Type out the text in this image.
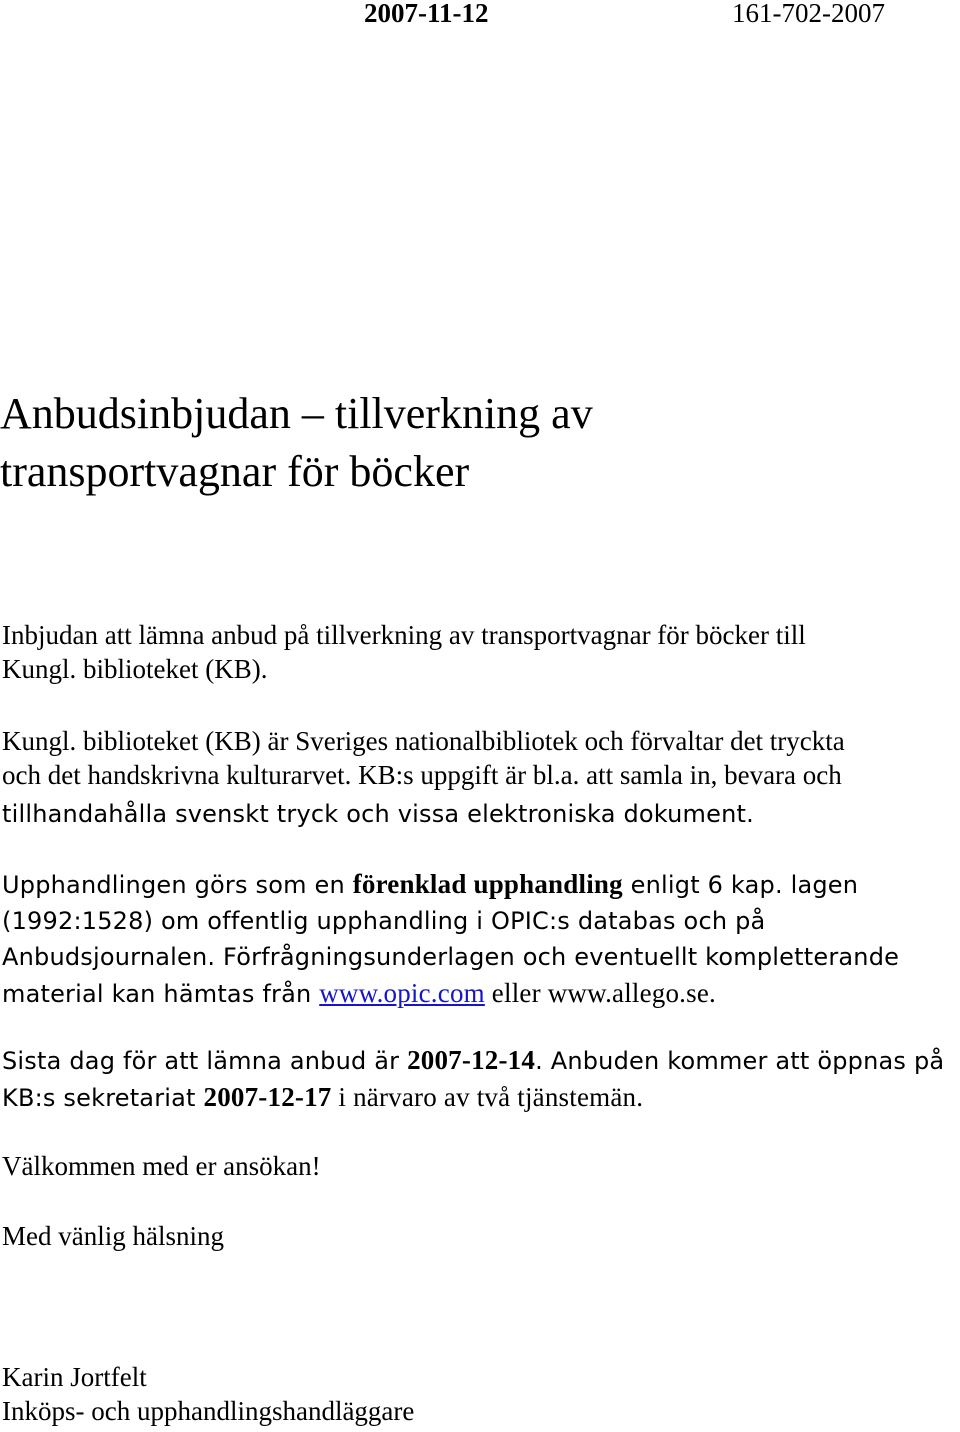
2007-11-12	161-702-2007
Anbudsinbjudan – tillverkning av
transportvagnar för böcker

Inbjudan att lämna anbud på tillverkning av transportvagnar för böcker till
Kungl. biblioteket (KB).

Kungl. biblioteket (KB) är Sveriges nationalbibliotek och förvaltar det tryckta
och det handskrivna kulturarvet. KB:s uppgift är bl.a. att samla in, bevara och

tillhandahålla svenskt tryck och vissa elektroniska dokument.

Upphandlingen görs som en förenklad upphandling enligt 6 kap. lagen
(1992:1528) om offentlig upphandling i OPIC:s databas och på
Anbudsjournalen. Förfrågningsunderlagen och eventuellt kompletterande
material kan hämtas från www.opic.com eller www.allego.se.

Sista dag för att lämna anbud är 2007-12-14. Anbuden kommer att öppnas på
KB:s sekretariat 2007-12-17 i närvaro av två tjänstemän.

Välkommen med er ansökan!

Med vänlig hälsning

Karin Jortfelt
Inköps- och upphandlingshandläggare
